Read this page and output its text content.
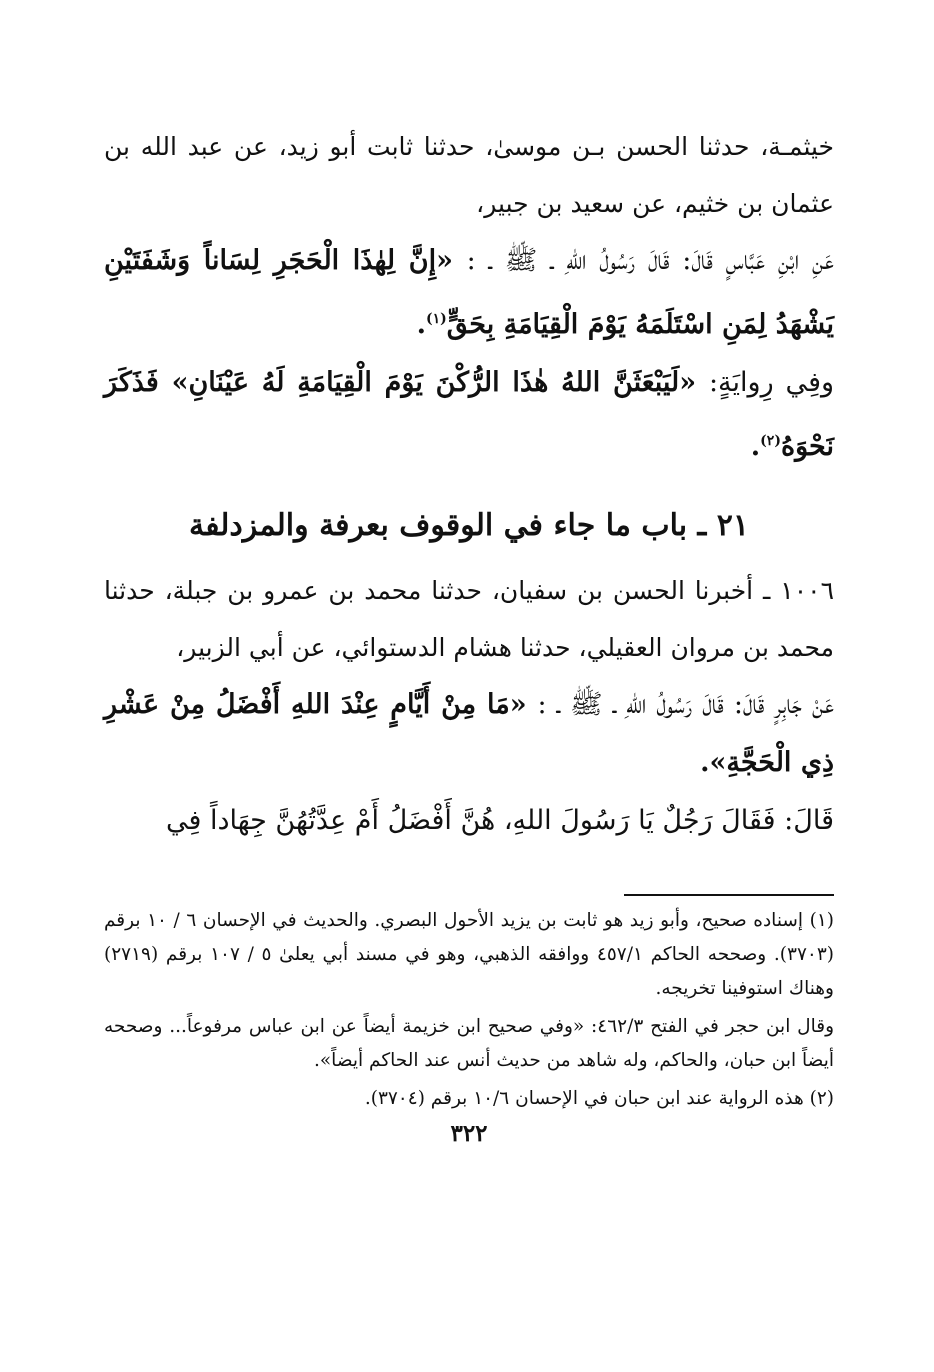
خيثمـة، حدثنا الحسن بـن موسىٰ، حدثنا ثابت أبو زيد، عن عبد الله بن عثمان بن خثيم، عن سعيد بن جبير،

عَنِ ابْنِ عَبَّاسٍ قَالَ: قَالَ رَسُولُ اللهِ ـ ﷺ ـ : «إِنَّ لِهٰذَا الْحَجَرِ لِسَاناً وَشَفَتَيْنِ يَشْهَدُ لِمَنِ اسْتَلَمَهُ يَوْمَ الْقِيَامَةِ بِحَقٍّ$^{(١)}$.

وفِي رِوايَةٍ: «لَيَبْعَثَنَّ اللهُ هٰذَا الرُّكْنَ يَوْمَ الْقِيَامَةِ لَهُ عَيْنَانِ» فَذَكَرَ نَحْوَهُ$^{(٢)}$.

٢١ ـ باب ما جاء في الوقوف بعرفة والمزدلفة

١٠٠٦ ـ أخبرنا الحسن بن سفيان، حدثنا محمد بن عمرو بن جبلة، حدثنا محمد بن مروان العقيلي، حدثنا هشام الدستوائي، عن أبي الزبير،

عَنْ جَابِرٍ قَالَ: قَالَ رَسُولُ اللهِ ـ ﷺ ـ : «مَا مِنْ أَيَّامٍ عِنْدَ اللهِ أَفْضَلُ مِنْ عَشْرِ ذِي الْحَجَّةِ».

قَالَ: فَقَالَ رَجُلٌ يَا رَسُولَ اللهِ، هُنَّ أَفْضَلُ أَمْ عِدَّتُهُنَّ جِهَاداً فِي

(١) إسناده صحيح، وأبو زيد هو ثابت بن يزيد الأحول البصري. والحديث في الإحسان ٦ / ١٠ برقم (٣٧٠٣). وصححه الحاكم ٤٥٧/١ ووافقه الذهبي، وهو في مسند أبي يعلىٰ ٥ / ١٠٧ برقم (٢٧١٩) وهناك استوفينا تخريجه.

وقال ابن حجر في الفتح ٤٦٢/٣: «وفي صحيح ابن خزيمة أيضاً عن ابن عباس مرفوعاً... وصححه أيضاً ابن حبان، والحاكم، وله شاهد من حديث أنس عند الحاكم أيضاً».

(٢) هذه الرواية عند ابن حبان في الإحسان ١٠/٦ برقم (٣٧٠٤).

٣٢٢
